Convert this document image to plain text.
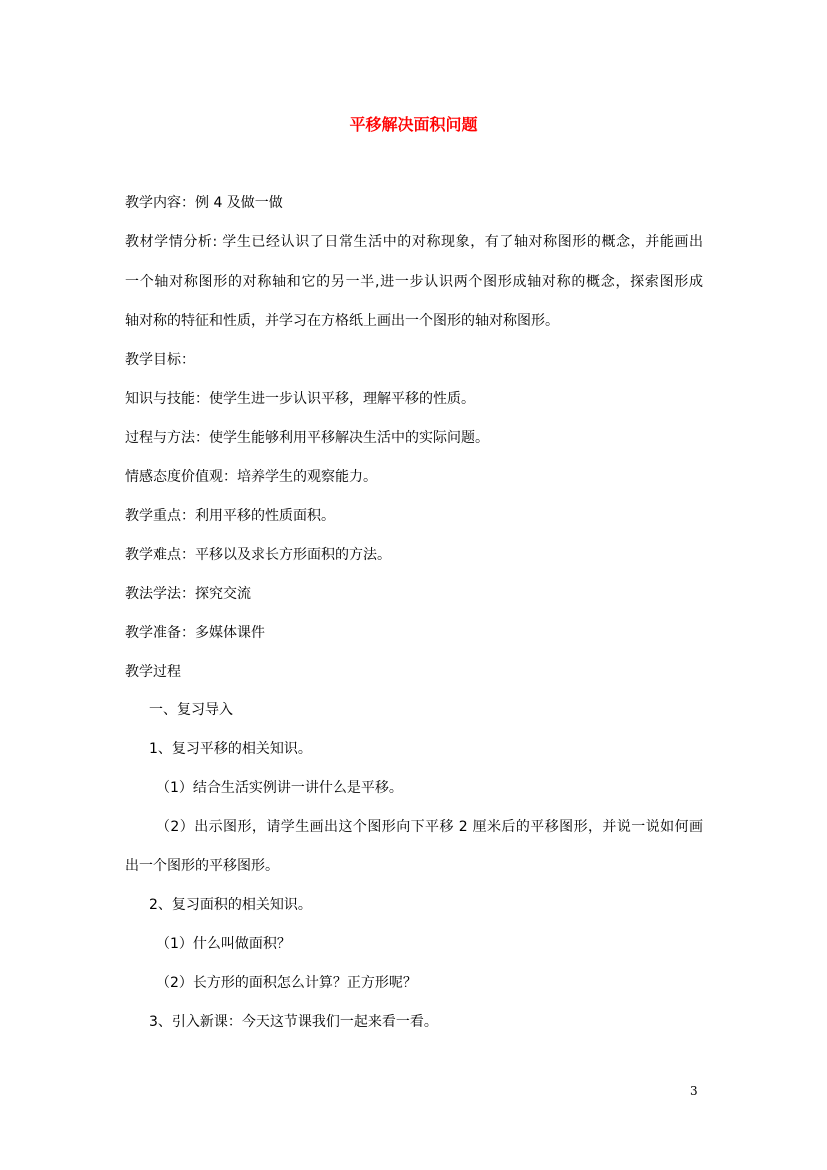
平移解决面积问题
教学内容：例 4 及做一做
教材学情分析: 学生已经认识了日常生活中的对称现象，有了轴对称图形的概念，并能画出
一个轴对称图形的对称轴和它的另一半,进一步认识两个图形成轴对称的概念，探索图形成
轴对称的特征和性质，并学习在方格纸上画出一个图形的轴对称图形。
教学目标：
知识与技能：使学生进一步认识平移，理解平移的性质。
过程与方法：使学生能够利用平移解决生活中的实际问题。
情感态度价值观：培养学生的观察能力。
教学重点：利用平移的性质面积。
教学难点：平移以及求长方形面积的方法。
教法学法：探究交流
教学准备：多媒体课件
教学过程
一、复习导入
1、复习平移的相关知识。
（1）结合生活实例讲一讲什么是平移。
（2）出示图形，请学生画出这个图形向下平移 2 厘米后的平移图形，并说一说如何画
出一个图形的平移图形。
2、复习面积的相关知识。
（1）什么叫做面积？
（2）长方形的面积怎么计算？正方形呢？
3、引入新课：今天这节课我们一起来看一看。
3
